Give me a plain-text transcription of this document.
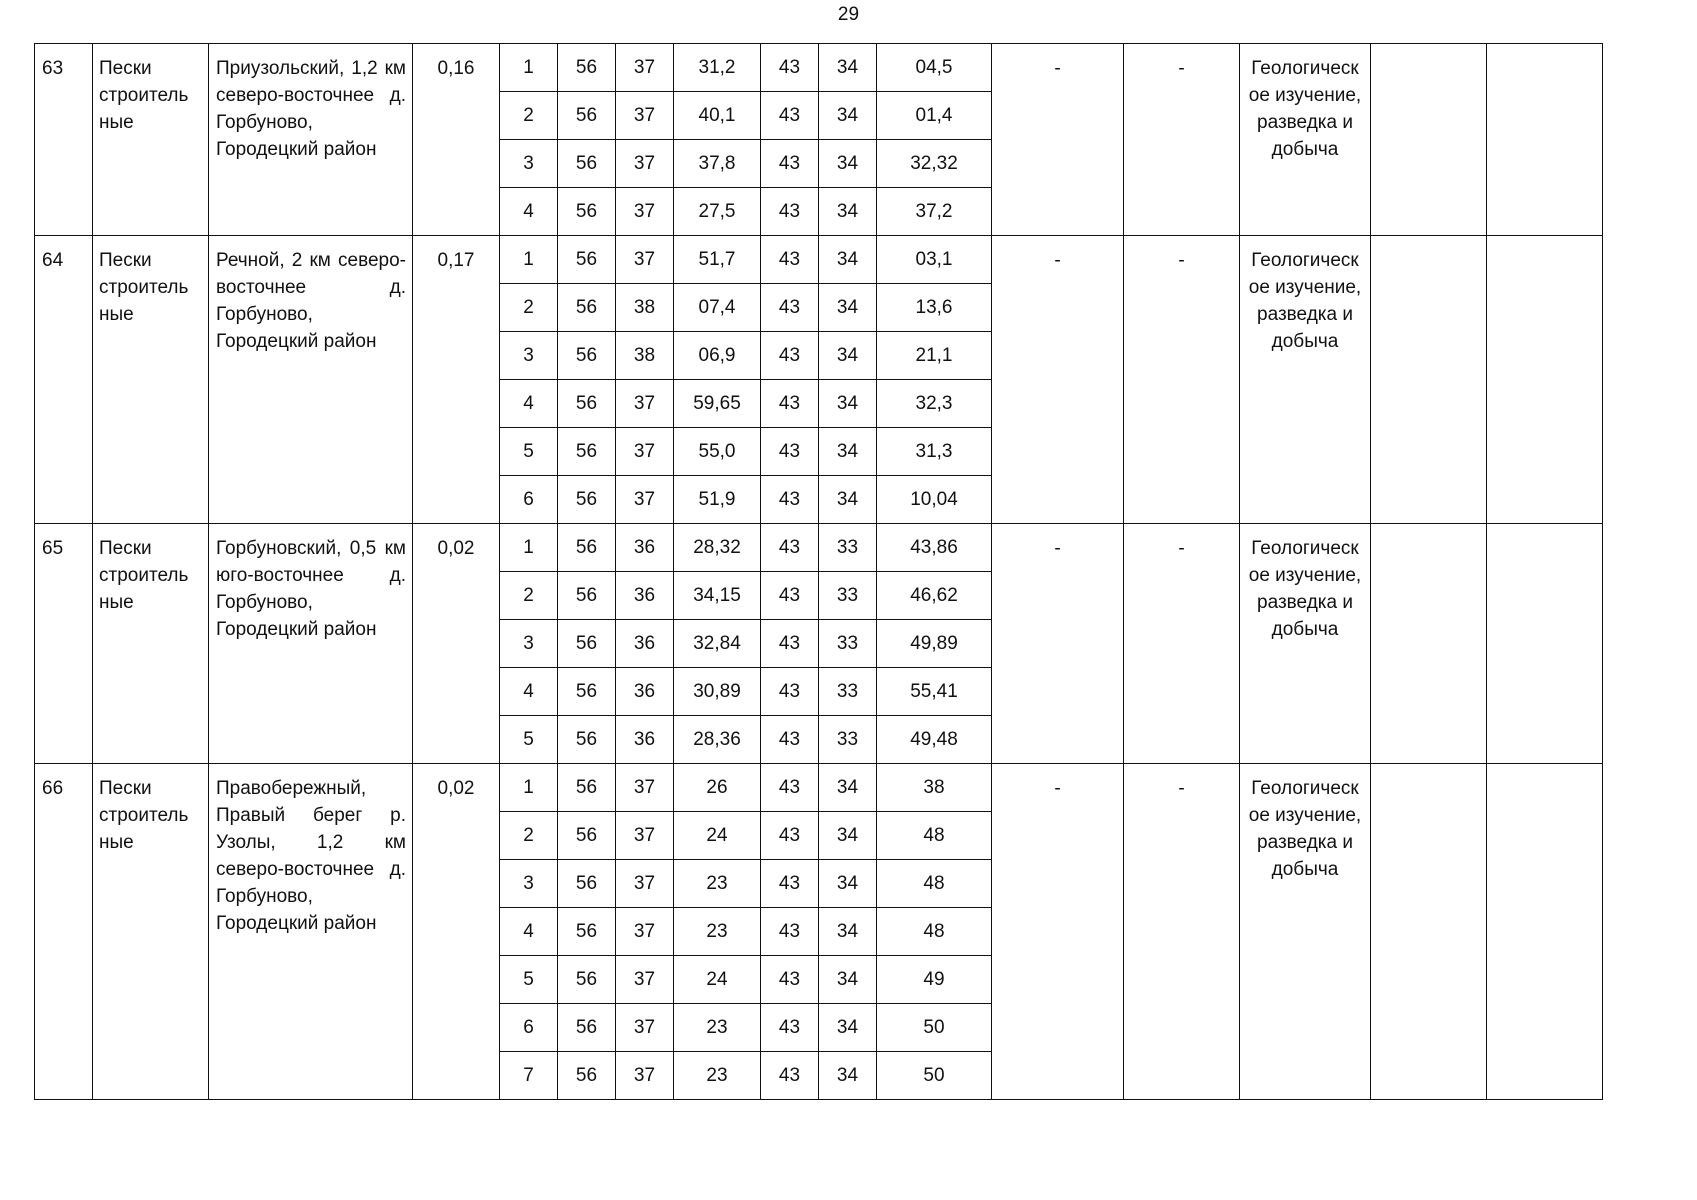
29
63	Пески строитель ные	Приузольский, 1,2 км северо-восточнее д. Горбуново, Городецкий район	0,16	1	56	37	31,2	43	34	04,5	-	-	Геологическ ое изучение, разведка и добыча		
				2	56	37	40,1	43	34	01,4					
				3	56	37	37,8	43	34	32,32					
				4	56	37	27,5	43	34	37,2					
64	Пески строитель ные	Речной, 2 км северо-восточнее д. Горбуново, Городецкий район	0,17	1	56	37	51,7	43	34	03,1	-	-	Геологическ ое изучение, разведка и добыча		
				2	56	38	07,4	43	34	13,6					
				3	56	38	06,9	43	34	21,1					
				4	56	37	59,65	43	34	32,3					
				5	56	37	55,0	43	34	31,3					
				6	56	37	51,9	43	34	10,04					
65	Пески строитель ные	Горбуновский, 0,5 км юго-восточнее д. Горбуново, Городецкий район	0,02	1	56	36	28,32	43	33	43,86	-	-	Геологическ ое изучение, разведка и добыча		
				2	56	36	34,15	43	33	46,62					
				3	56	36	32,84	43	33	49,89					
				4	56	36	30,89	43	33	55,41					
				5	56	36	28,36	43	33	49,48					
66	Пески строитель ные	Правобережный, Правый берег р. Узолы, 1,2 км северо-восточнее д. Горбуново, Городецкий район	0,02	1	56	37	26	43	34	38	-	-	Геологическ ое изучение, разведка и добыча		
				2	56	37	24	43	34	48					
				3	56	37	23	43	34	48					
				4	56	37	23	43	34	48					
				5	56	37	24	43	34	49					
				6	56	37	23	43	34	50					
				7	56	37	23	43	34	50					
